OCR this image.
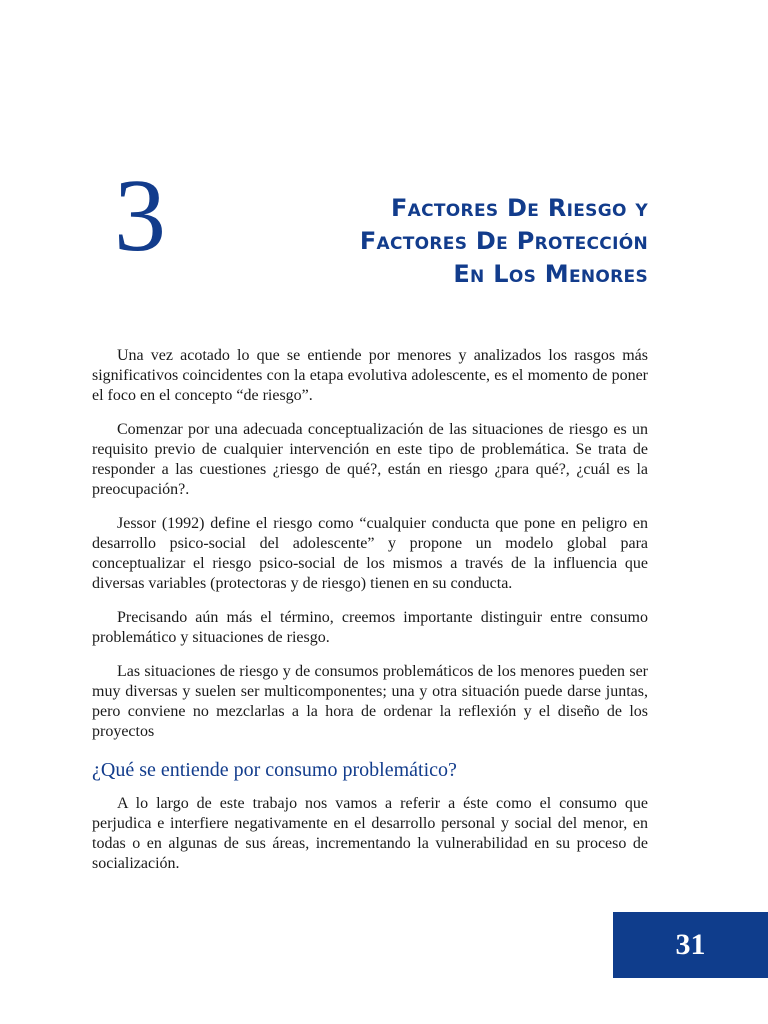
3	Factores De Riesgo y
Factores De Protección
En Los Menores

Una vez acotado lo que se entiende por menores y analizados los rasgos más significativos coincidentes con la etapa evolutiva adolescente, es el momento de poner el foco en el concepto “de riesgo”.

Comenzar por una adecuada conceptualización de las situaciones de riesgo es un requisito previo de cualquier intervención en este tipo de problemática. Se trata de responder a las cuestiones ¿riesgo de qué?, están en riesgo ¿para qué?, ¿cuál es la preocupación?.

Jessor (1992) define el riesgo como “cualquier conducta que pone en peligro en desarrollo psico-social del adolescente” y propone un modelo global para conceptualizar el riesgo psico-social de los mismos a través de la influencia que diversas variables (protectoras y de riesgo) tienen en su conducta.

Precisando aún más el término, creemos importante distinguir entre consumo problemático y situaciones de riesgo.

Las situaciones de riesgo y de consumos problemáticos de los menores pueden ser muy diversas y suelen ser multicomponentes; una y otra situación puede darse juntas, pero conviene no mezclarlas a la hora de ordenar la reflexión y el diseño de los proyectos

¿Qué se entiende por consumo problemático?

A lo largo de este trabajo nos vamos a referir a éste como el consumo que perjudica e interfiere negativamente en el desarrollo personal y social del menor, en todas o en algunas de sus áreas, incrementando la vulnerabilidad en su proceso de socialización.

31
